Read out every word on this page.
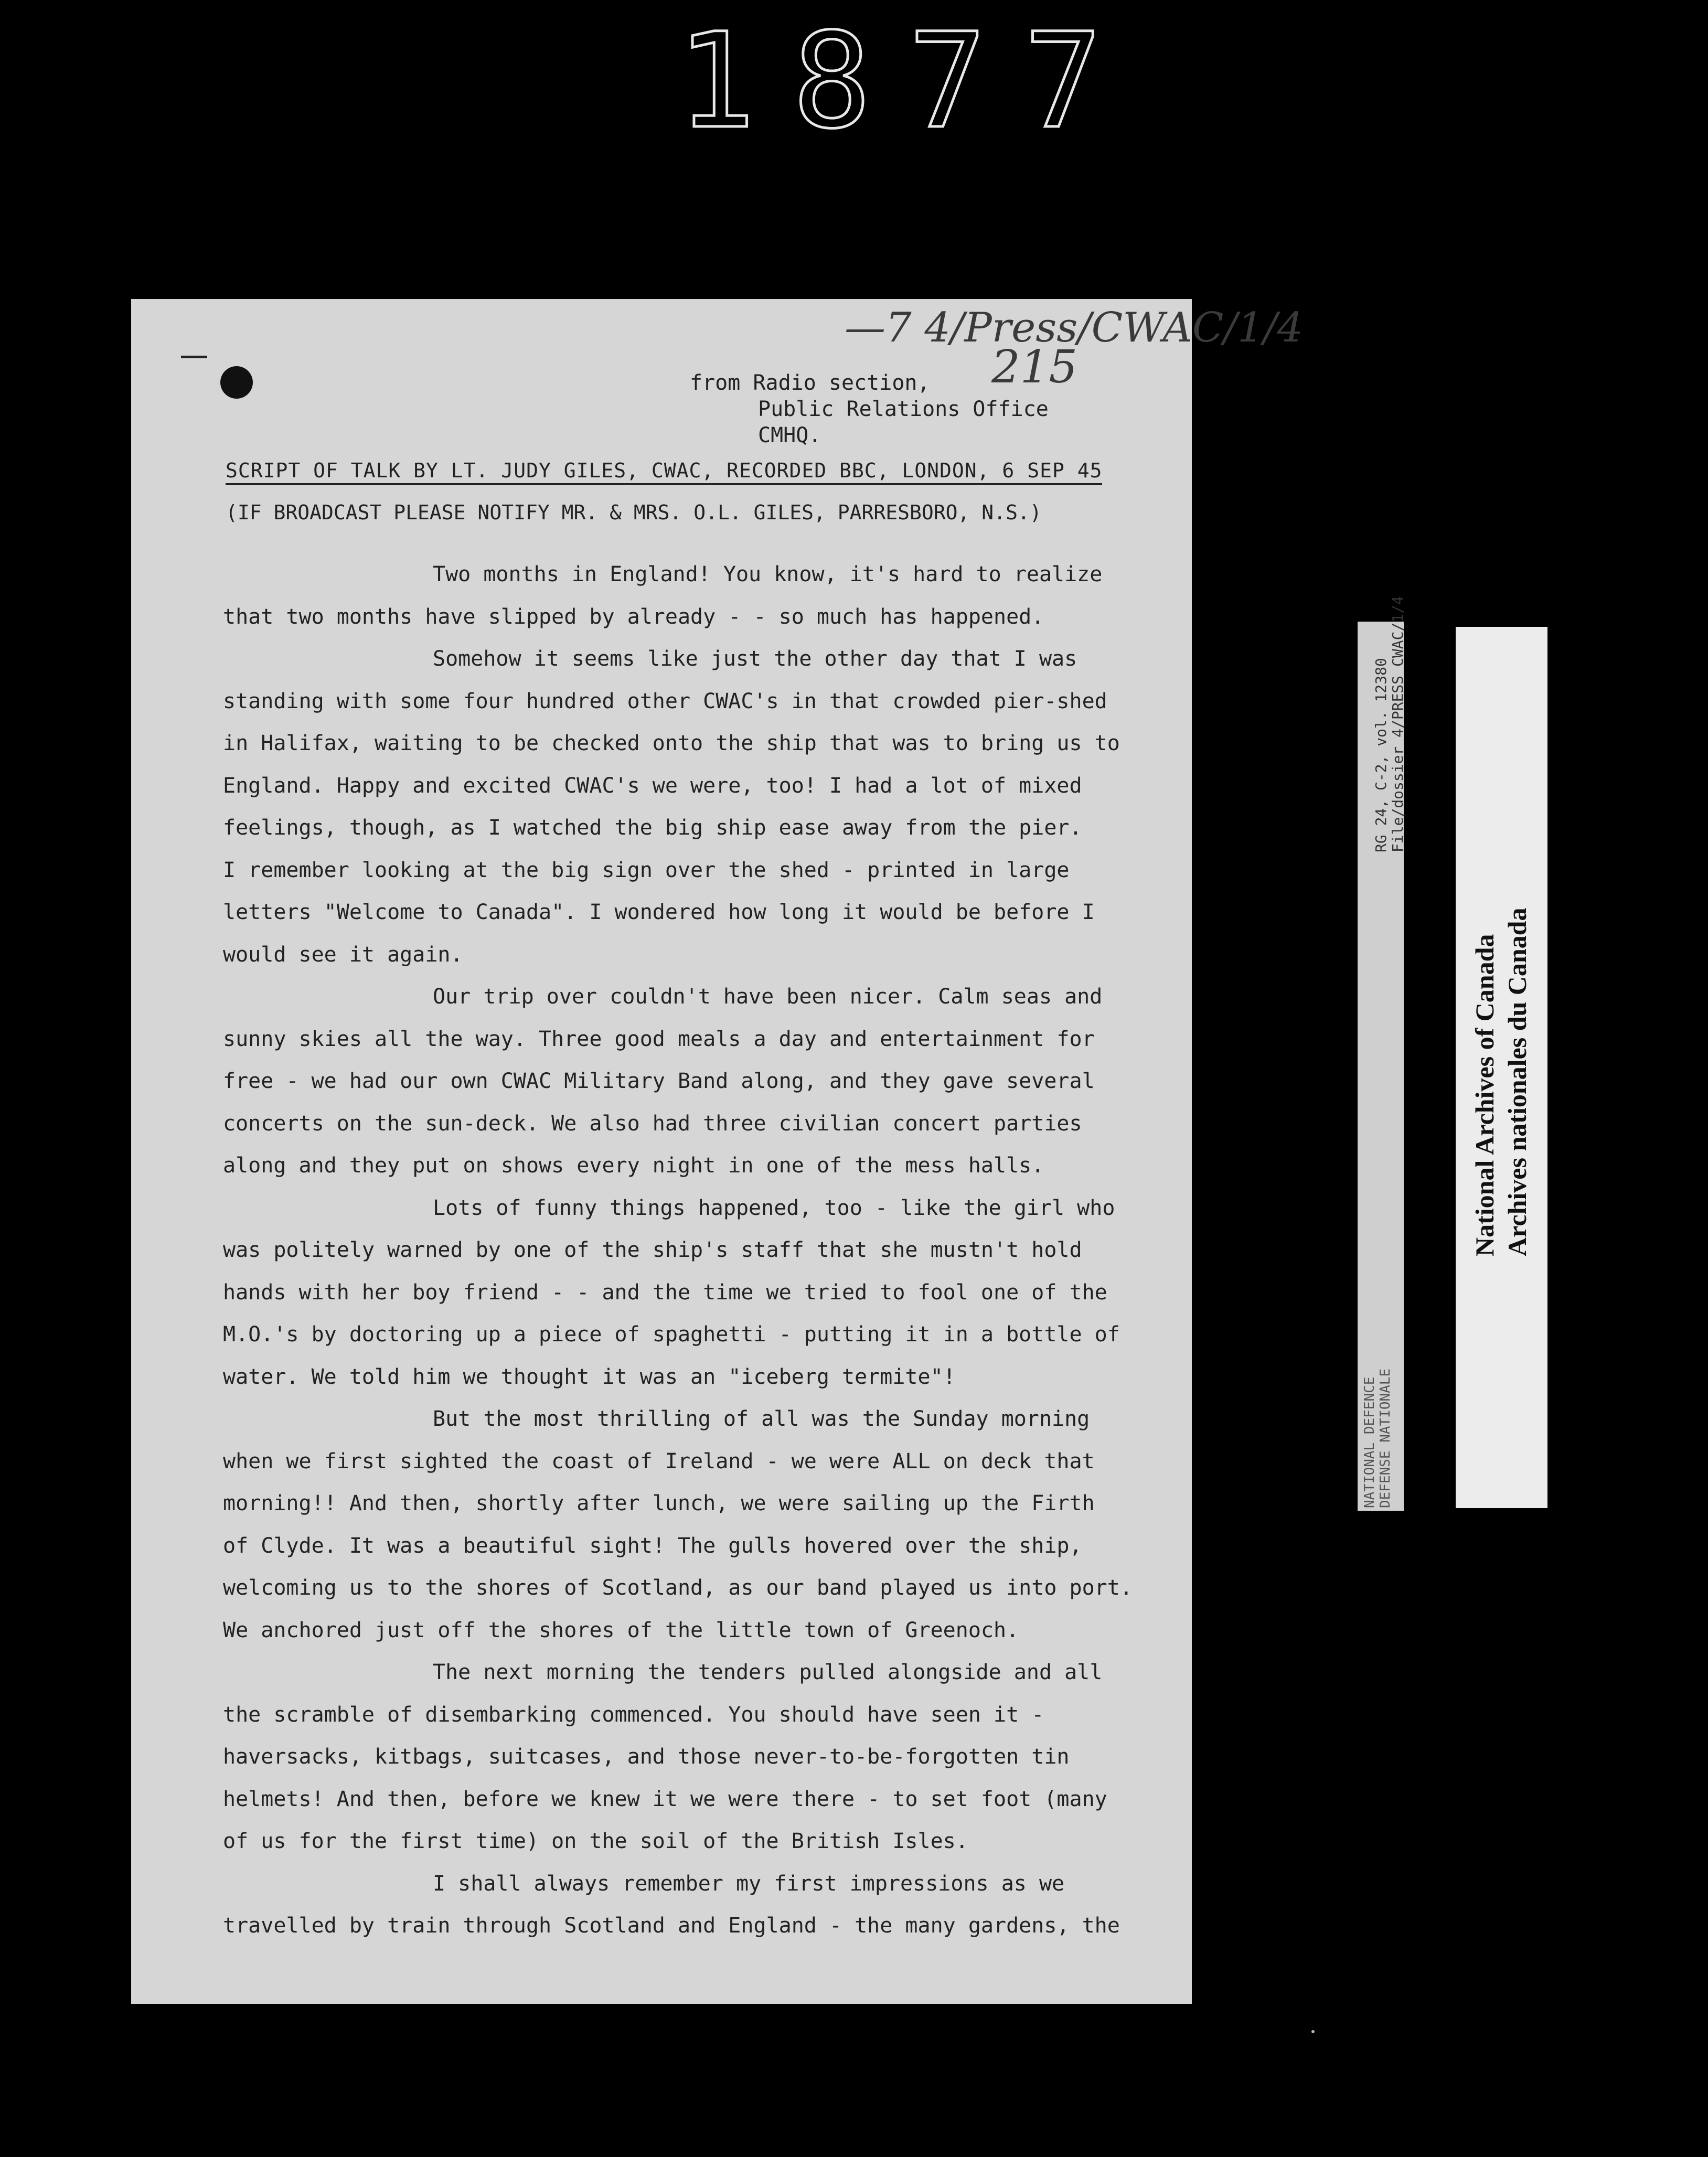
1877
—7 4/Press/CWAC/1/4
215
from Radio section,
Public Relations Office
CMHQ.
SCRIPT OF TALK BY LT. JUDY GILES, CWAC, RECORDED BBC, LONDON, 6 SEP 45
(IF BROADCAST PLEASE NOTIFY MR. & MRS. O.L. GILES, PARRESBORO, N.S.)
Two months in England! You know, it's hard to realize
that two months have slipped by already - - so much has happened.
Somehow it seems like just the other day that I was
standing with some four hundred other CWAC's in that crowded pier-shed
in Halifax, waiting to be checked onto the ship that was to bring us to
England. Happy and excited CWAC's we were, too! I had a lot of mixed
feelings, though, as I watched the big ship ease away from the pier.
I remember looking at the big sign over the shed - printed in large
letters "Welcome to Canada". I wondered how long it would be before I
would see it again.
Our trip over couldn't have been nicer. Calm seas and
sunny skies all the way. Three good meals a day and entertainment for
free - we had our own CWAC Military Band along, and they gave several
concerts on the sun-deck. We also had three civilian concert parties
along and they put on shows every night in one of the mess halls.
Lots of funny things happened, too - like the girl who
was politely warned by one of the ship's staff that she mustn't hold
hands with her boy friend - - and the time we tried to fool one of the
M.O.'s by doctoring up a piece of spaghetti - putting it in a bottle of
water. We told him we thought it was an "iceberg termite"!
But the most thrilling of all was the Sunday morning
when we first sighted the coast of Ireland - we were ALL on deck that
morning!! And then, shortly after lunch, we were sailing up the Firth
of Clyde. It was a beautiful sight! The gulls hovered over the ship,
welcoming us to the shores of Scotland, as our band played us into port.
We anchored just off the shores of the little town of Greenoch.
The next morning the tenders pulled alongside and all
the scramble of disembarking commenced. You should have seen it -
haversacks, kitbags, suitcases, and those never-to-be-forgotten tin
helmets! And then, before we knew it we were there - to set foot (many
of us for the first time) on the soil of the British Isles.
I shall always remember my first impressions as we
travelled by train through Scotland and England - the many gardens, the
RG 24, C-2, vol. 12380 File/dossier 4/PRESS CWAC/1/4
NATIONAL DEFENCE DEFENSE NATIONALE
National Archives of Canada Archives nationales du Canada
